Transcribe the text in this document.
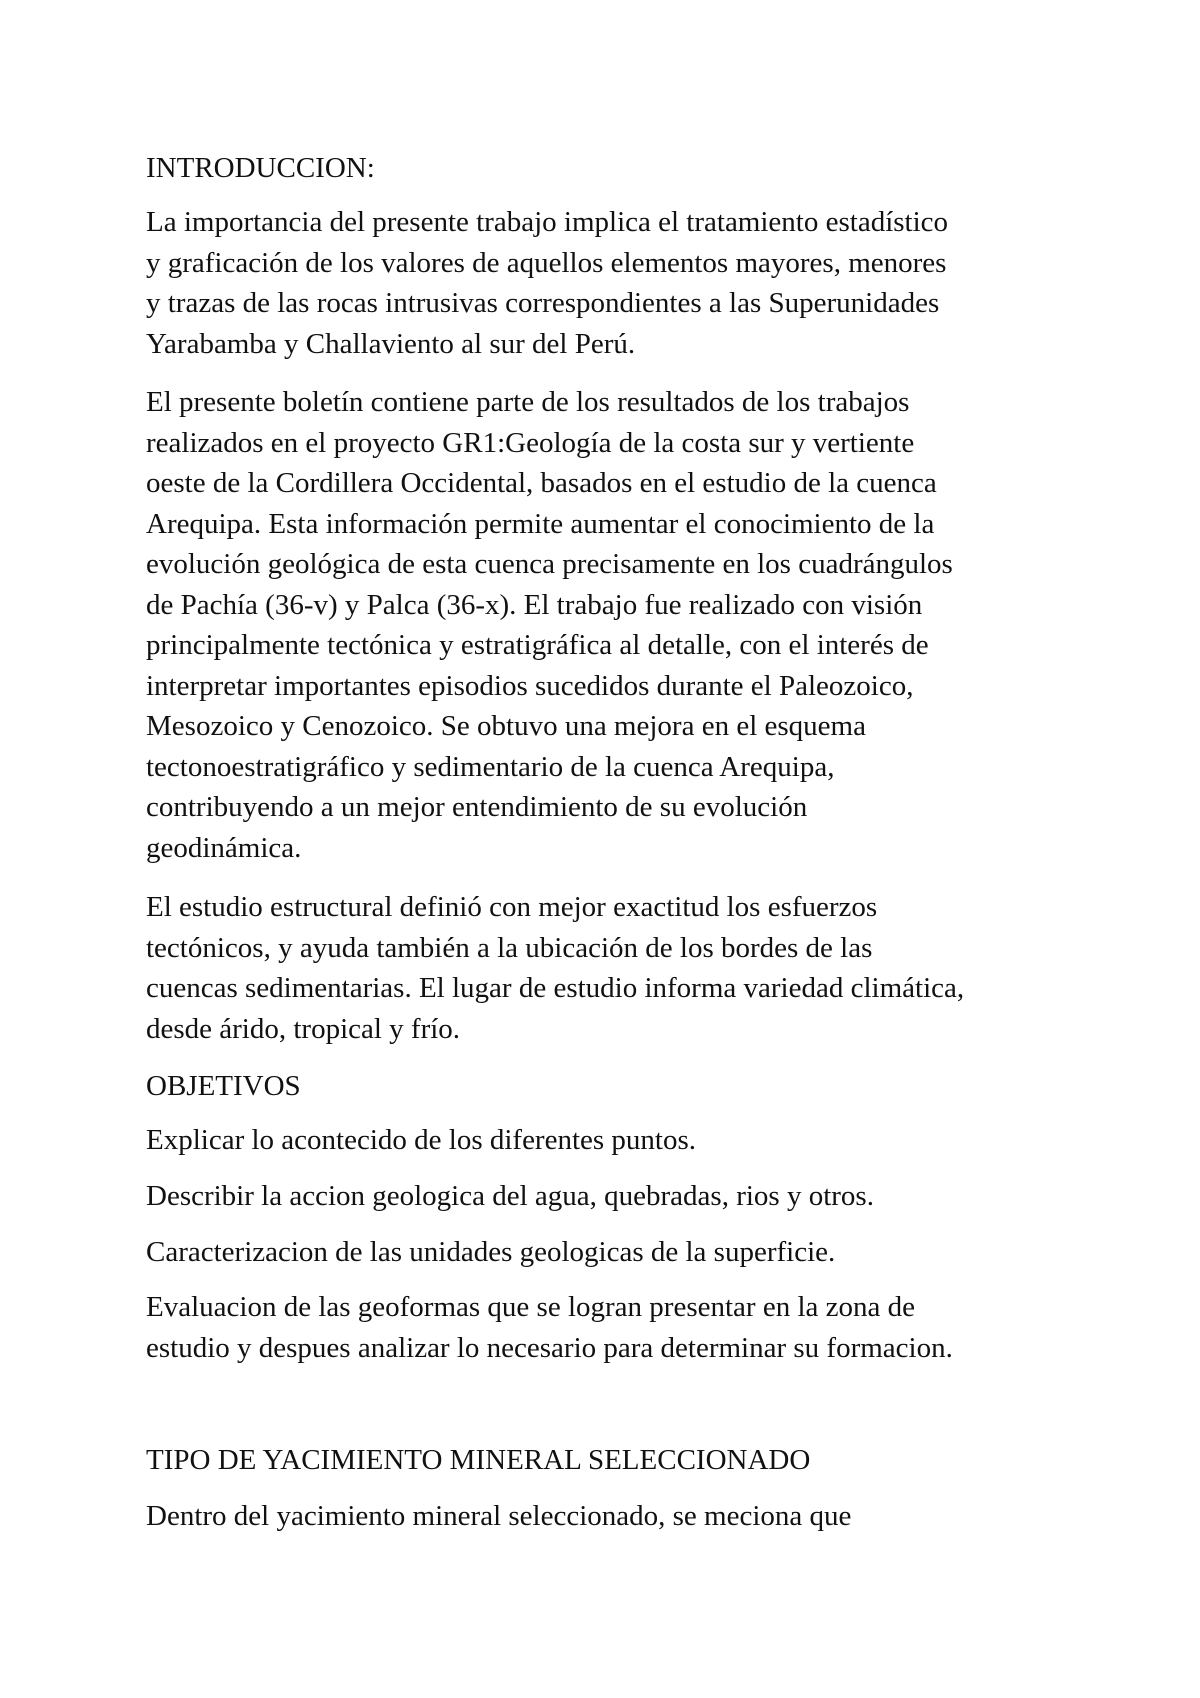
INTRODUCCION:

La importancia del presente trabajo implica el tratamiento estadístico
y graficación de los valores de aquellos elementos mayores, menores
y trazas de las rocas intrusivas correspondientes a las Superunidades
Yarabamba y Challaviento al sur del Perú.

El presente boletín contiene parte de los resultados de los trabajos
realizados en el proyecto GR1:Geología de la costa sur y vertiente
oeste de la Cordillera Occidental, basados en el estudio de la cuenca
Arequipa. Esta información permite aumentar el conocimiento de la
evolución geológica de esta cuenca precisamente en los cuadrángulos
de Pachía (36-v) y Palca (36-x). El trabajo fue realizado con visión
principalmente tectónica y estratigráfica al detalle, con el interés de
interpretar importantes episodios sucedidos durante el Paleozoico,
Mesozoico y Cenozoico. Se obtuvo una mejora en el esquema
tectonoestratigráfico y sedimentario de la cuenca Arequipa,
contribuyendo a un mejor entendimiento de su evolución
geodinámica.

El estudio estructural definió con mejor exactitud los esfuerzos
tectónicos, y ayuda también a la ubicación de los bordes de las
cuencas sedimentarias. El lugar de estudio informa variedad climática,
desde árido, tropical y frío.

OBJETIVOS

Explicar lo acontecido de los diferentes puntos.

Describir la accion geologica del agua, quebradas, rios y otros.

Caracterizacion de las unidades geologicas de la superficie.

Evaluacion de las geoformas que se logran presentar en la zona de
estudio y despues analizar lo necesario para determinar su formacion.

TIPO DE YACIMIENTO MINERAL SELECCIONADO

Dentro del yacimiento mineral seleccionado, se meciona que
